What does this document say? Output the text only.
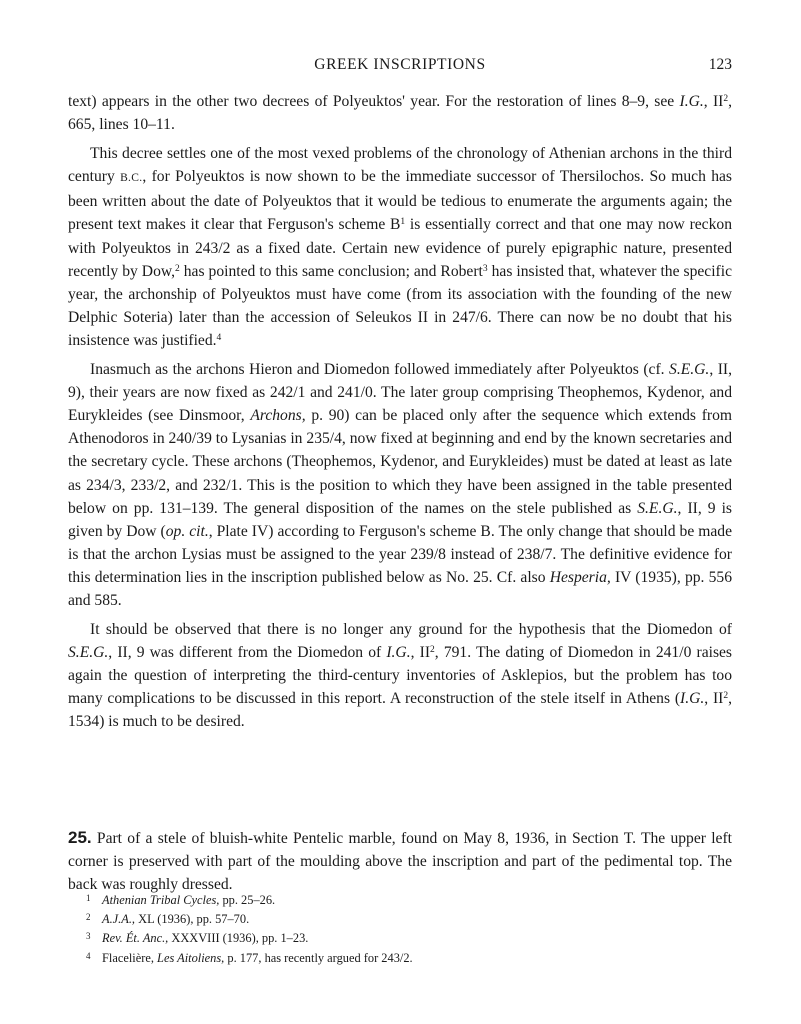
GREEK INSCRIPTIONS	123

text) appears in the other two decrees of Polyeuktos' year. For the restoration of lines 8–9, see I.G., $II^2$, 665, lines 10–11.

This decree settles one of the most vexed problems of the chronology of Athenian archons in the third century B.C., for Polyeuktos is now shown to be the immediate successor of Thersilochos. So much has been written about the date of Polyeuktos that it would be tedious to enumerate the arguments again; the present text makes it clear that Ferguson's scheme $B^1$ is essentially correct and that one may now reckon with Polyeuktos in 243/2 as a fixed date. Certain new evidence of purely epigraphic nature, presented recently by Dow,$^2$ has pointed to this same conclusion; and Robert$^3$ has insisted that, whatever the specific year, the archonship of Polyeuktos must have come (from its association with the founding of the new Delphic Soteria) later than the accession of Seleukos II in 247/6. There can now be no doubt that his insistence was justified.$^4$

Inasmuch as the archons Hieron and Diomedon followed immediately after Polyeuktos (cf. S.E.G., II, 9), their years are now fixed as 242/1 and 241/0. The later group comprising Theophemos, Kydenor, and Eurykleides (see Dinsmoor, Archons, p. 90) can be placed only after the sequence which extends from Athenodoros in 240/39 to Lysanias in 235/4, now fixed at beginning and end by the known secretaries and the secretary cycle. These archons (Theophemos, Kydenor, and Eurykleides) must be dated at least as late as 234/3, 233/2, and 232/1. This is the position to which they have been assigned in the table presented below on pp. 131–139. The general disposition of the names on the stele published as S.E.G., II, 9 is given by Dow (op. cit., Plate IV) according to Ferguson's scheme B. The only change that should be made is that the archon Lysias must be assigned to the year 239/8 instead of 238/7. The definitive evidence for this determination lies in the inscription published below as No. 25. Cf. also Hesperia, IV (1935), pp. 556 and 585.

It should be observed that there is no longer any ground for the hypothesis that the Diomedon of S.E.G., II, 9 was different from the Diomedon of I.G., $II^2$, 791. The dating of Diomedon in 241/0 raises again the question of interpreting the third-century inventories of Asklepios, but the problem has too many complications to be discussed in this report. A reconstruction of the stele itself in Athens (I.G., $II^2$, 1534) is much to be desired.

25. Part of a stele of bluish-white Pentelic marble, found on May 8, 1936, in Section T. The upper left corner is preserved with part of the moulding above the inscription and part of the pedimental top. The back was roughly dressed.
1 Athenian Tribal Cycles, pp. 25–26.
2 A.J.A., XL (1936), pp. 57–70.
3 Rev. Ét. Anc., XXXVIII (1936), pp. 1–23.
4 Flacelière, Les Aitoliens, p. 177, has recently argued for 243/2.
